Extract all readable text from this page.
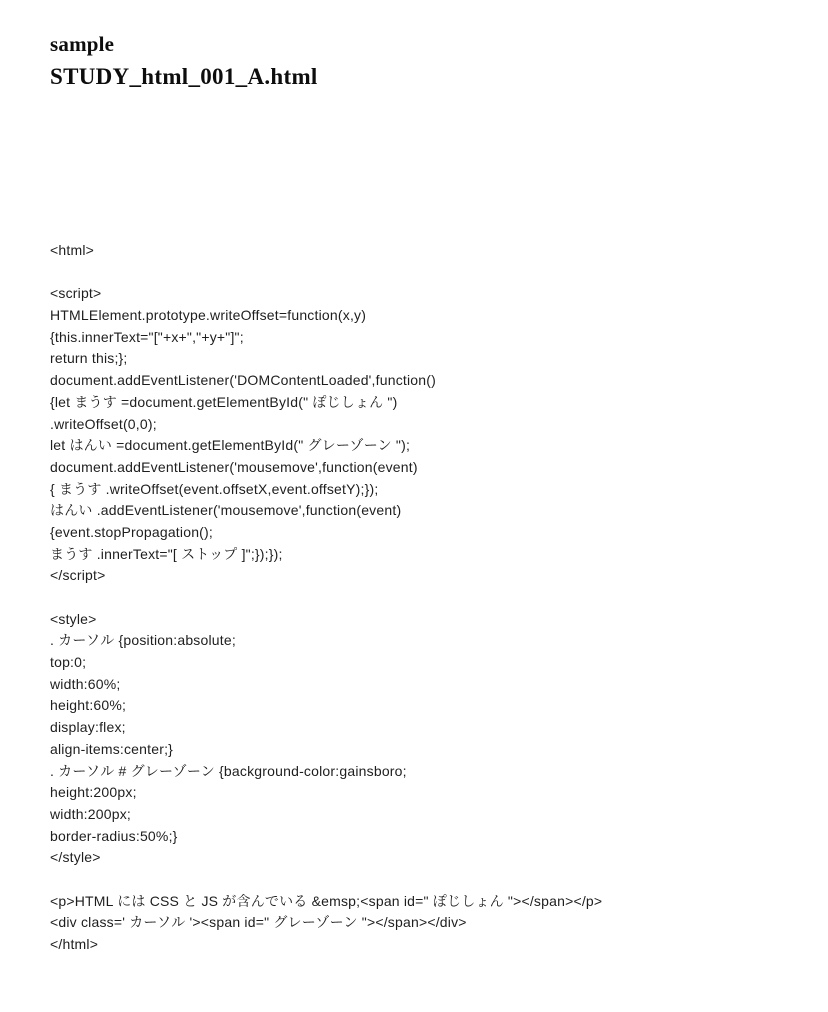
sample
STUDY_html_001_A.html
<html>

<script>
HTMLElement.prototype.writeOffset=function(x,y)
{this.innerText="["+x+","+y+"]";
return this;};
document.addEventListener('DOMContentLoaded',function()
{let まうす =document.getElementById(" ぽじしょん ")
.writeOffset(0,0);
let はんい =document.getElementById(" グレーゾーン ");
document.addEventListener('mousemove',function(event)
{ まうす .writeOffset(event.offsetX,event.offsetY);});
はんい .addEventListener('mousemove',function(event)
{event.stopPropagation();
まうす .innerText="[ ストップ ]";});});
</script>

<style>
. カーソル {position:absolute;
top:0;
width:60%;
height:60%;
display:flex;
align-items:center;}
. カーソル # グレーゾーン {background-color:gainsboro;
height:200px;
width:200px;
border-radius:50%;}
</style>

<p>HTML には CSS と JS が含んでいる &emsp;<span id=" ぽじしょん "></span></p>
<div class=' カーソル '><span id=" グレーゾーン "></span></div>
</html>
